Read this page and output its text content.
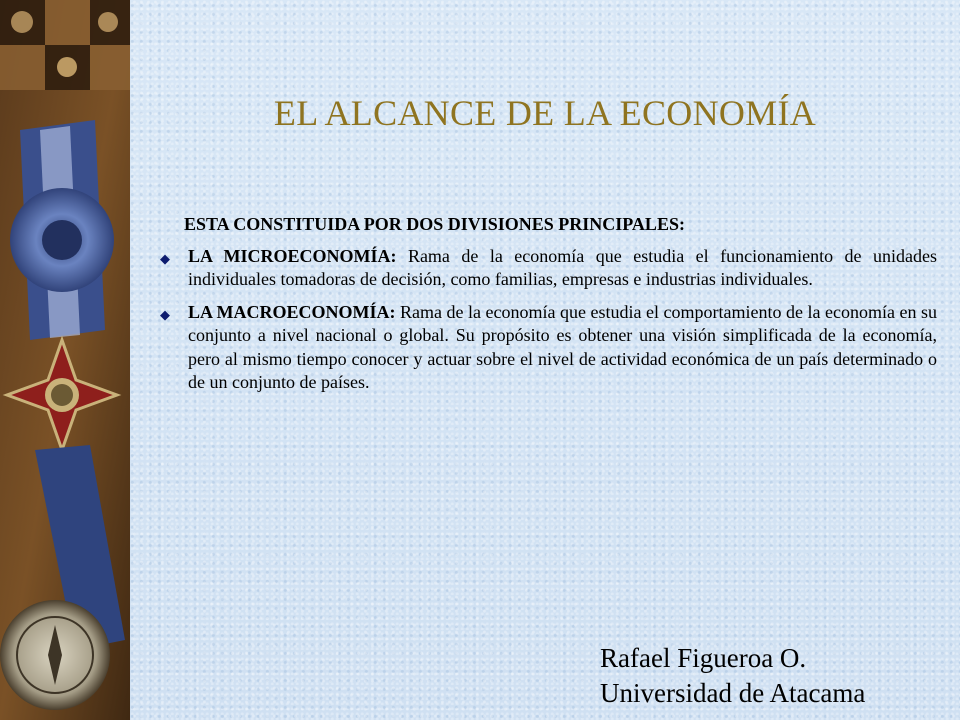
EL ALCANCE DE LA ECONOMÍA
ESTA CONSTITUIDA POR DOS DIVISIONES PRINCIPALES:
◆ LA MICROECONOMÍA: Rama de la economía que estudia el funcionamiento de unidades individuales tomadoras de decisión, como familias, empresas e industrias individuales.
◆ LA MACROECONOMÍA: Rama de la economía que estudia el comportamiento de la economía en su conjunto a nivel nacional o global. Su propósito es obtener una visión simplificada de la economía, pero al mismo tiempo conocer y actuar sobre el nivel de actividad económica de un país determinado o de un conjunto de países.
Rafael Figueroa O.
Universidad de Atacama
